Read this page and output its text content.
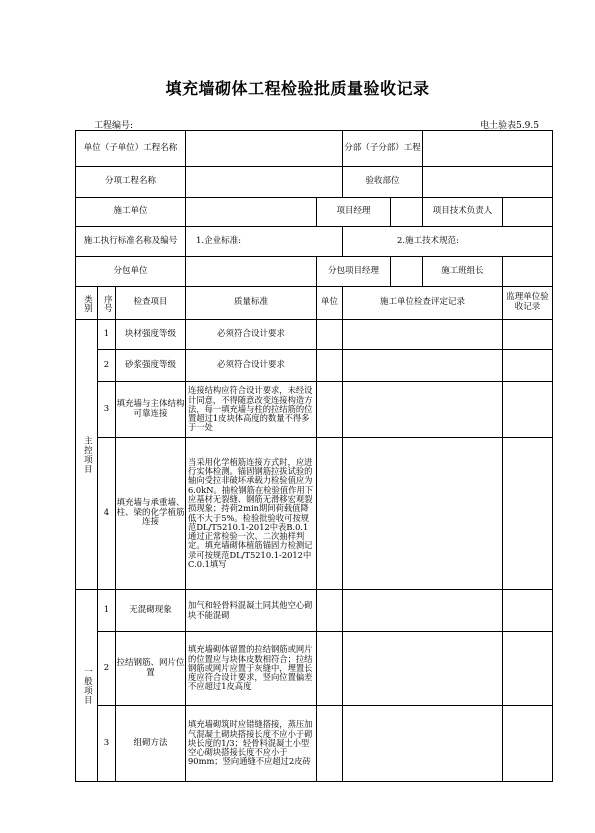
填充墙砌体工程检验批质量验收记录
工程编号:	电土验表5.9.5
单位（子单位）工程名称					分部（子分部）工程			
分项工程名称					验收部位			
施工单位				项目经理			项目技术负责人	
施工执行标准名称及编号			1.企业标准:		2.施工技术规范:			
分包单位				分包项目经理			施工班组长	
类别	序号	检查项目	质量标准	单位	施工单位检查评定记录			监理单位验收记录
主控项目	1	块材强度等级	必须符合设计要求					
	2	砂浆强度等级	必须符合设计要求					
	3	填充墙与主体结构可靠连接	连接结构应符合设计要求，未经设计同意，不得随意改变连接构造方法，每一填充墙与柱的拉结筋的位置超过1皮块体高度的数量不得多于一处					
	4	填充墙与承重墙、柱、梁的化学植筋连接	当采用化学植筋连接方式时，应进行实体检测。锚固钢筋拉拔试验的轴向受拉非破坏承载力检验值应为6.0kN。抽检钢筋在检验值作用下应基材无裂缝、钢筋无滑移宏观裂损现象；持荷2min期间荷载值降低不大于5%。检验批验收可按规范DL/T5210.1-2012中表B.0.1通过正常检验一次、二次抽样判定。填充墙砌体植筋锚固力检测记录可按规范DL/T5210.1-2012中C.0.1填写					
一般项目	1	无混砌现象	加气和轻骨料混凝土同其他空心砌块不能混砌					
	2	拉结钢筋、网片位置	填充墙砌体留置的拉结钢筋或网片的位置应与块体皮数相符合；拉结钢筋或网片应置于灰缝中，埋置长度应符合设计要求，竖向位置偏差不应超过1皮高度					
	3	组砌方法	填充墙砌筑时应错缝搭接，蒸压加气混凝土砌块搭接长度不应小于砌块长度的1/3；轻骨料混凝土小型空心砌块搭接长度不应小于90mm；竖向通缝不应超过2皮砖					
